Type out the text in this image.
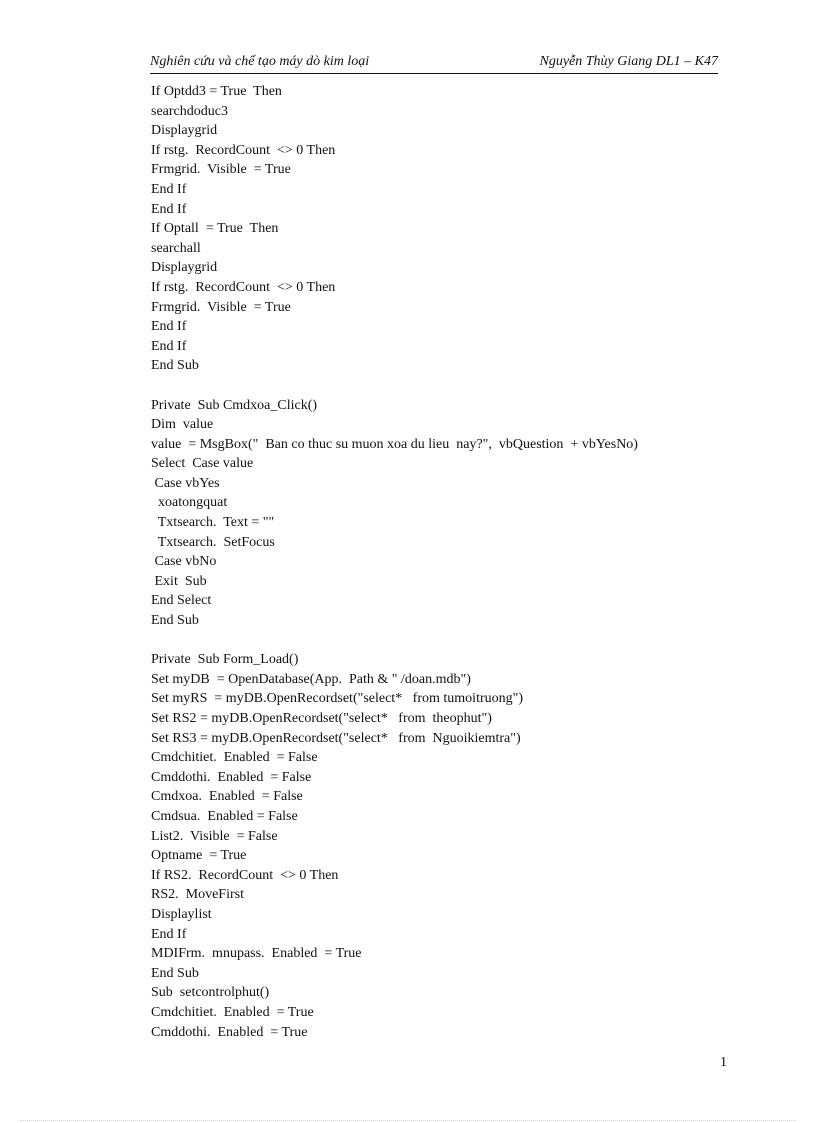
Nghiên cứu và chế tạo máy dò kim loại	Nguyễn Thùy Giang DL1 – K47
If Optdd3 = True  Then
searchdoduc3
Displaygrid
If rstg.  RecordCount  <> 0 Then
Frmgrid.  Visible  = True
End If
End If
If Optall  = True  Then
searchall
Displaygrid
If rstg.  RecordCount  <> 0 Then
Frmgrid.  Visible  = True
End If
End If
End Sub
Private  Sub Cmdxoa_Click()
Dim  value
value  = MsgBox("  Ban co thuc su muon xoa du lieu  nay?",  vbQuestion  + vbYesNo)
Select  Case value
Case vbYes
xoatongquat
Txtsearch.  Text = ""
Txtsearch.  SetFocus
Case vbNo
Exit  Sub
End Select
End Sub
Private  Sub Form_Load()
Set myDB  = OpenDatabase(App.  Path & " /doan.mdb")
Set myRS  = myDB.OpenRecordset("select*   from tumoitruong")
Set RS2 = myDB.OpenRecordset("select*   from  theophut")
Set RS3 = myDB.OpenRecordset("select*   from  Nguoikiemtra")
Cmdchitiet.  Enabled  = False
Cmddothi.  Enabled  = False
Cmdxoa.  Enabled  = False
Cmdsua.  Enabled = False
List2.  Visible  = False
Optname  = True
If RS2.  RecordCount  <> 0 Then
RS2.  MoveFirst
Displaylist
End If
MDIFrm.  mnupass.  Enabled  = True
End Sub
Sub  setcontrolphut()
Cmdchitiet.  Enabled  = True
Cmddothi.  Enabled  = True
1
